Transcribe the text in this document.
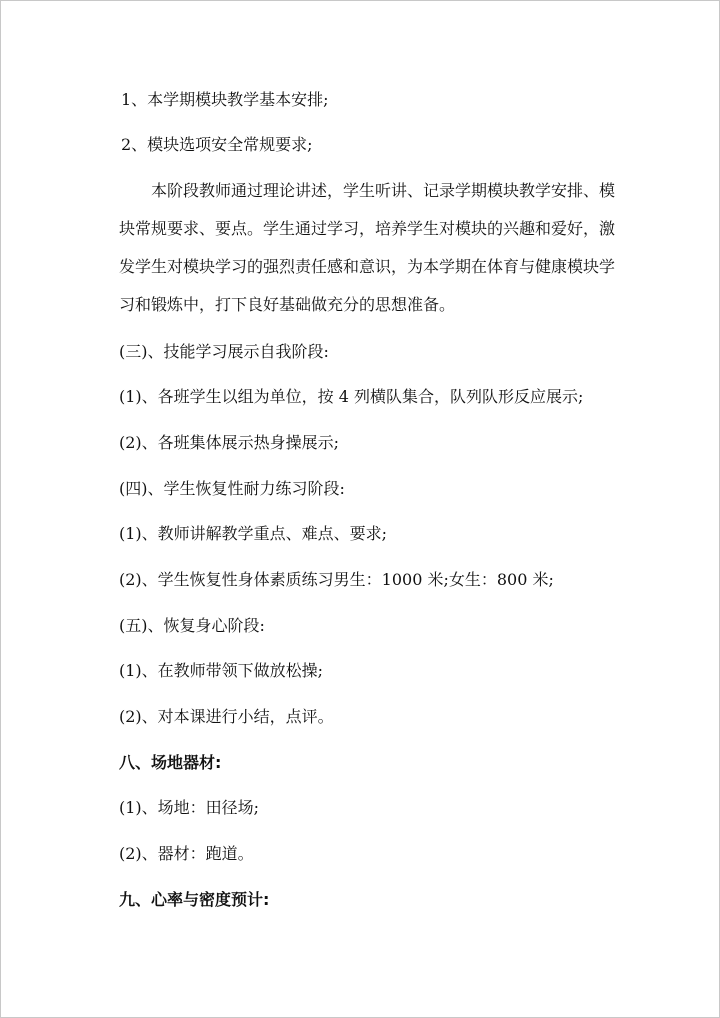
1、本学期模块教学基本安排;
2、模块选项安全常规要求;
本阶段教师通过理论讲述，学生听讲、记录学期模块教学安排、模
块常规要求、要点。学生通过学习，培养学生对模块的兴趣和爱好，激
发学生对模块学习的强烈责任感和意识，为本学期在体育与健康模块学
习和锻炼中，打下良好基础做充分的思想准备。
(三)、技能学习展示自我阶段:
(1)、各班学生以组为单位，按 4 列横队集合，队列队形反应展示;
(2)、各班集体展示热身操展示;
(四)、学生恢复性耐力练习阶段:
(1)、教师讲解教学重点、难点、要求;
(2)、学生恢复性身体素质练习男生：1000 米;女生：800 米;
(五)、恢复身心阶段:
(1)、在教师带领下做放松操;
(2)、对本课进行小结，点评。
八、场地器材:
(1)、场地：田径场;
(2)、器材：跑道。
九、心率与密度预计:
